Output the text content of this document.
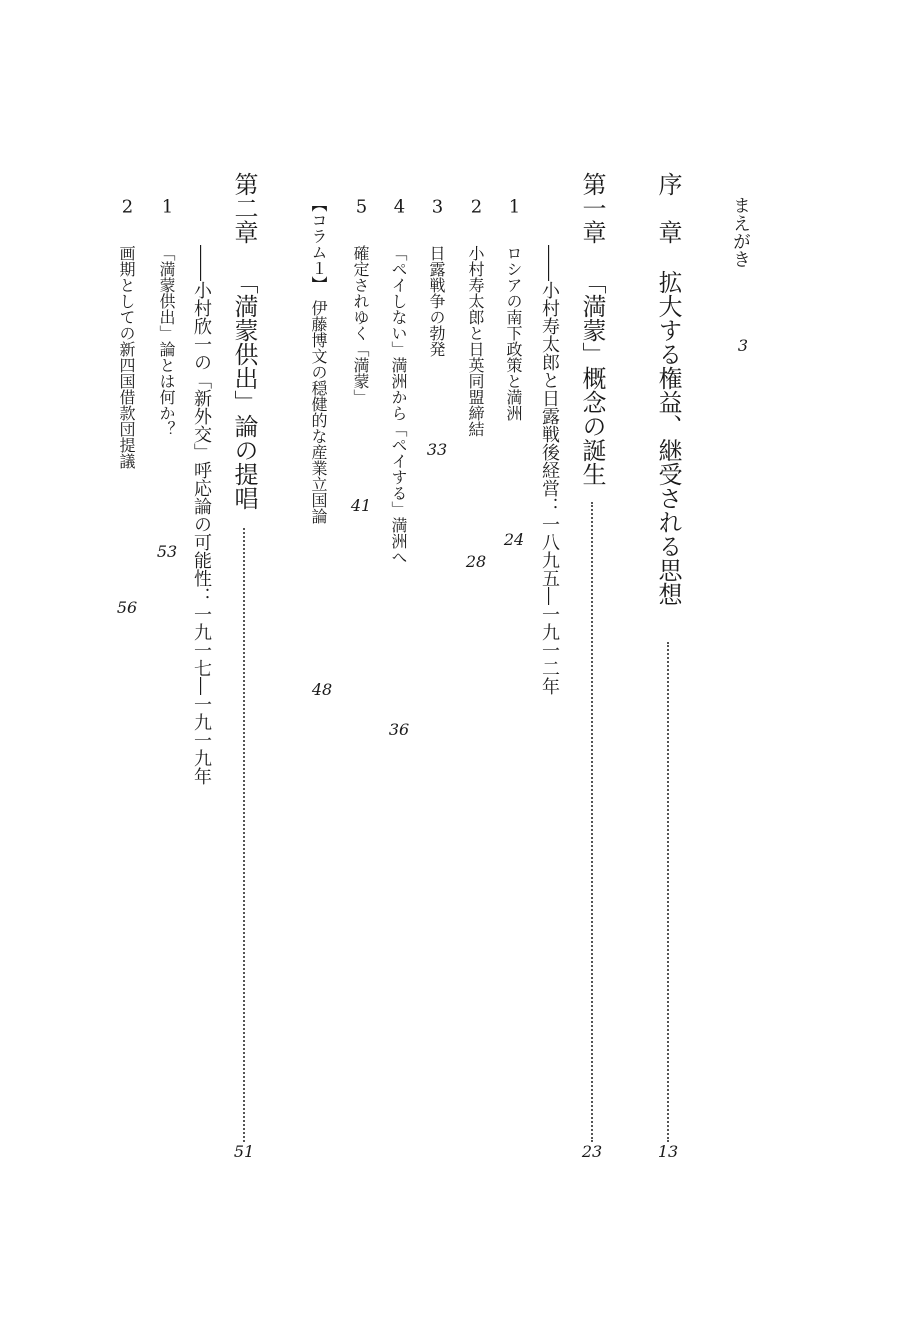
まえがき
3
序　章
拡大する権益、継受される思想
13
第一章
「満蒙」概念の誕生
23
――小村寿太郎と日露戦後経営：一八九五―一九一二年
1
ロシアの南下政策と満洲
24
2
小村寿太郎と日英同盟締結
28
3
日露戦争の勃発
33
4
「ペイしない」満洲から「ペイする」満洲へ
36
5
確定されゆく「満蒙」
41
【コラム１】
伊藤博文の穏健的な産業立国論
48
第二章
「満蒙供出」論の提唱
51
――小村欣一の「新外交」呼応論の可能性：一九一七―一九一九年
1
「満蒙供出」論とは何か？
53
2
画期としての新四国借款団提議
56
